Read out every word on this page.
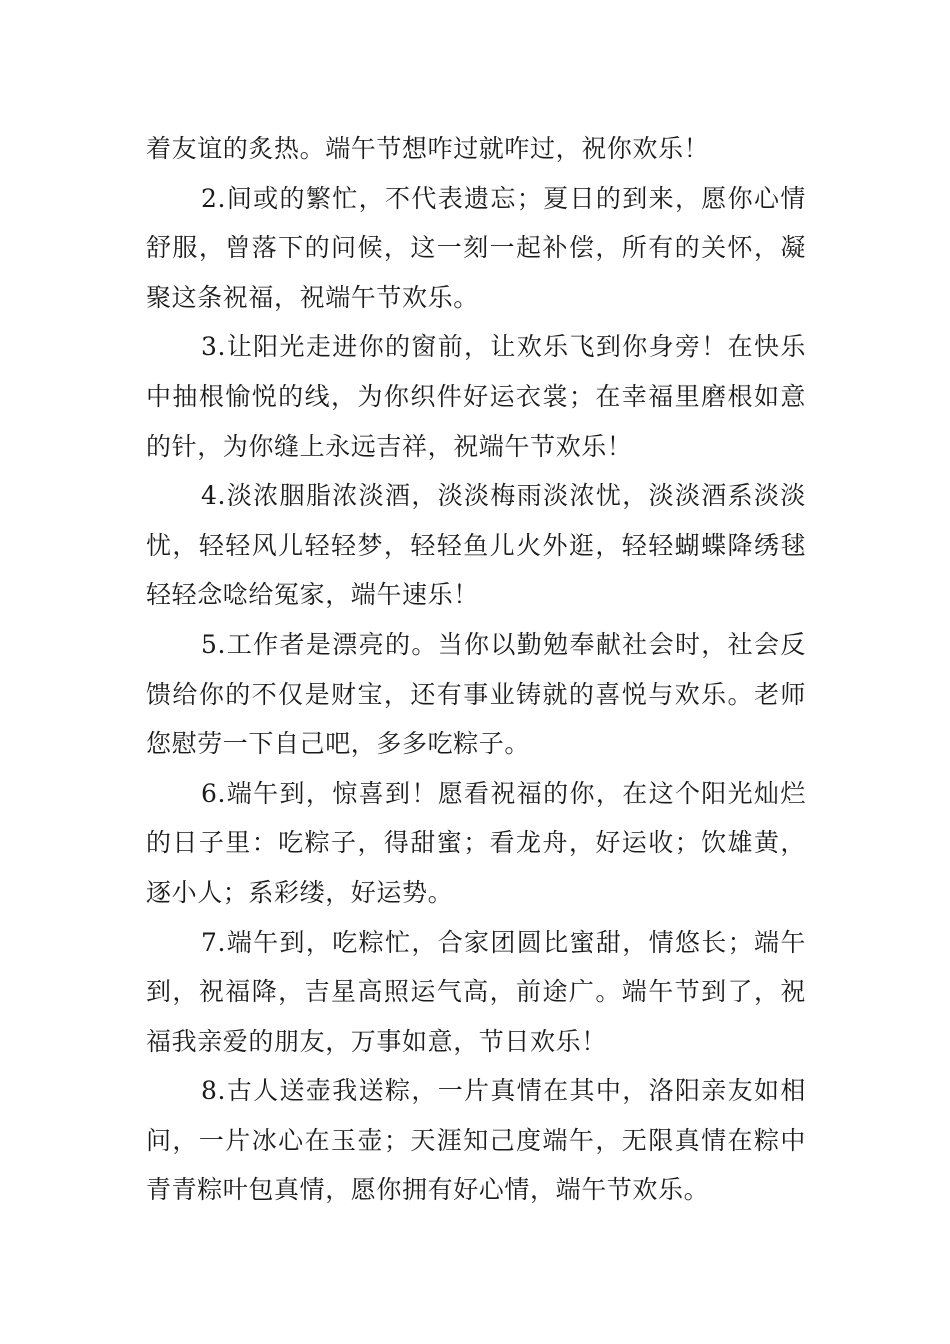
着友谊的炙热。端午节想咋过就咋过，祝你欢乐！

2.间或的繁忙，不代表遗忘；夏日的到来，愿你心情舒服，曾落下的问候，这一刻一起补偿，所有的关怀，凝聚这条祝福，祝端午节欢乐。

3.让阳光走进你的窗前，让欢乐飞到你身旁！在快乐中抽根愉悦的线，为你织件好运衣裳；在幸福里磨根如意的针，为你缝上永远吉祥，祝端午节欢乐！

4.淡浓胭脂浓淡酒，淡淡梅雨淡浓忧，淡淡酒系淡淡忧，轻轻风儿轻轻梦，轻轻鱼儿火外逛，轻轻蝴蝶降绣毬轻轻念唸给冤家，端午速乐！

5.工作者是漂亮的。当你以勤勉奉献社会时，社会反馈给你的不仅是财宝，还有事业铸就的喜悦与欢乐。老师您慰劳一下自己吧，多多吃粽子。

6.端午到，惊喜到！愿看祝福的你，在这个阳光灿烂的日子里：吃粽子，得甜蜜；看龙舟，好运收；饮雄黄，逐小人；系彩缕，好运势。

7.端午到，吃粽忙，合家团圆比蜜甜，情悠长；端午到，祝福降，吉星高照运气高，前途广。端午节到了，祝福我亲爱的朋友，万事如意，节日欢乐！

8.古人送壶我送粽，一片真情在其中，洛阳亲友如相问，一片冰心在玉壶；天涯知己度端午，无限真情在粽中青青粽叶包真情，愿你拥有好心情，端午节欢乐。
